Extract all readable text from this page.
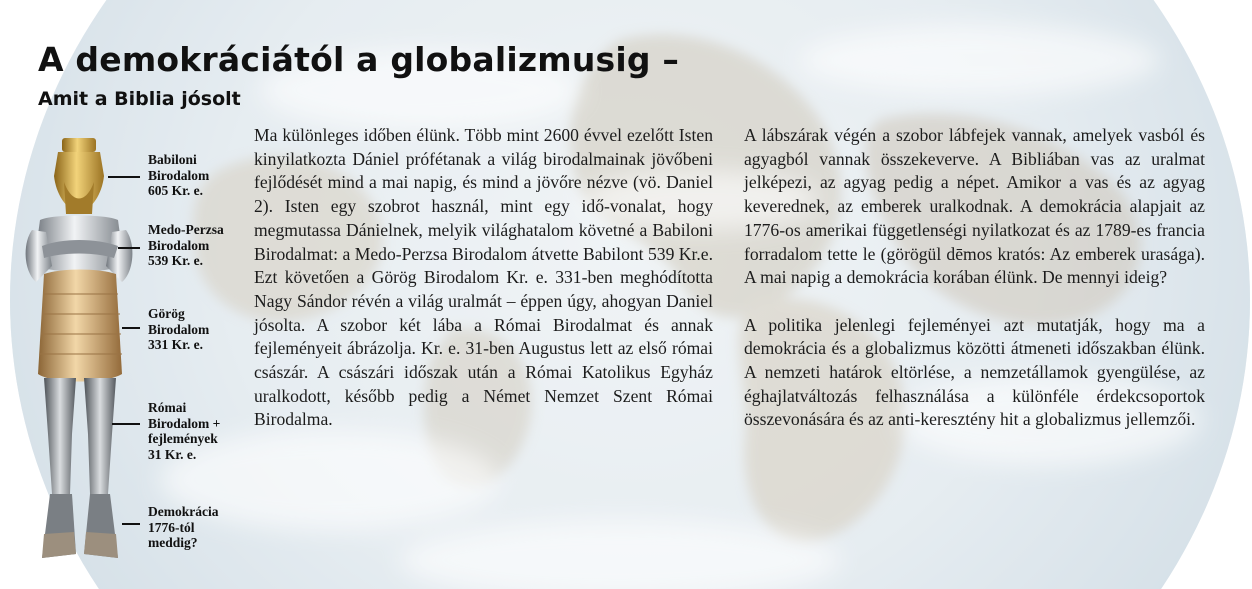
A demokráciától a globalizmusig –
Amit a Biblia jósolt
Babiloni
Birodalom
605 Kr. e.
Medo-Perzsa
Birodalom
539 Kr. e.
Görög
Birodalom
331 Kr. e.
Római
Birodalom +
fejlemények
31 Kr. e.
Demokrácia
1776-tól
meddig?

Ma különleges időben élünk. Több mint 2600 évvel ezelőtt Isten kinyilatkozta Dániel prófétanak a világ birodalmainak jövőbeni fejlődését mind a mai napig, és mind a jövőre nézve (vö. Daniel 2). Isten egy szobrot használ, mint egy idő-vonalat, hogy megmutassa Dánielnek, melyik világhatalom követné a Babiloni Birodalmat: a Medo-Perzsa Birodalom átvette Babilont 539 Kr.e. Ezt követően a Görög Birodalom Kr. e. 331-ben meghódította Nagy Sándor révén a világ uralmát – éppen úgy, ahogyan Daniel jósolta. A szobor két lába a Római Birodalmat és annak fejleményeit ábrázolja. Kr. e. 31-ben Augustus lett az első római császár. A császári időszak után a Római Katolikus Egyház uralkodott, később pedig a Német Nemzet Szent Római Birodalma.

A lábszárak végén a szobor lábfejek vannak, amelyek vasból és agyagból vannak összekeverve. A Bibliában vas az uralmat jelképezi, az agyag pedig a népet. Amikor a vas és az agyag keverednek, az emberek uralkodnak. A demokrácia alapjait az 1776-os amerikai függetlenségi nyilatkozat és az 1789-es francia forradalom tette le (görögül dēmos kratós: Az emberek urasága). A mai napig a demokrácia korában élünk. De mennyi ideig?

A politika jelenlegi fejleményei azt mutatják, hogy ma a demokrácia és a globalizmus közötti átmeneti időszakban élünk. A nemzeti határok eltörlése, a nemzetállamok gyengülése, az éghajlatváltozás felhasználása a különféle érdekcsoportok összevonására és az anti-keresztény hit a globalizmus jellemzői.
